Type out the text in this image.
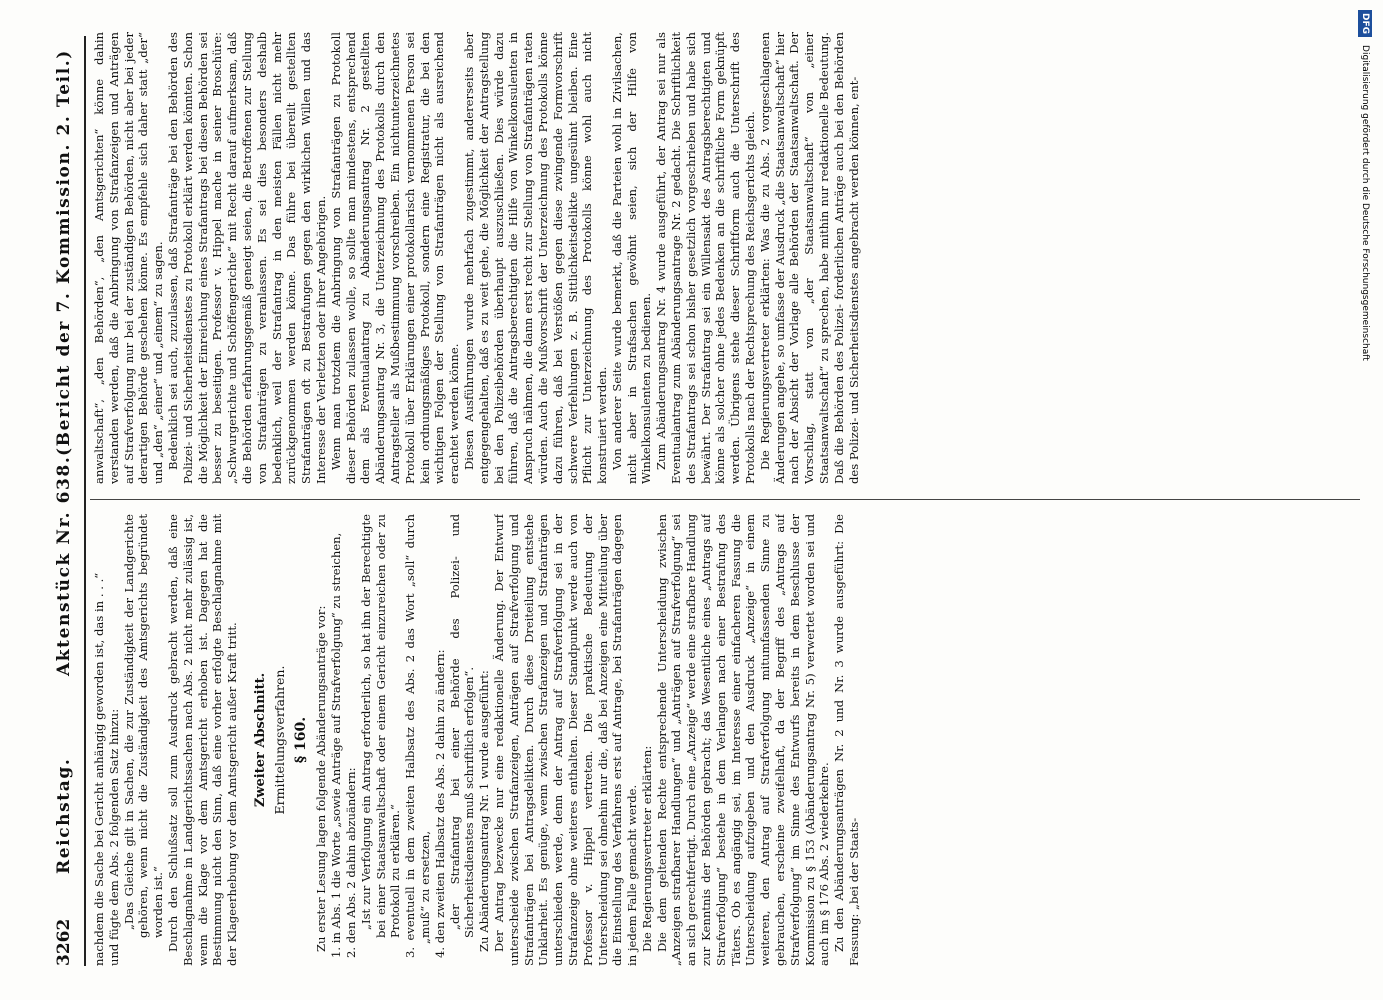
3262
Reichstag.
Aktenstück Nr. 638.
(Bericht der 7. Kommission. 2. Teil.)

nachdem die Sache bei Gericht anhängig geworden ist, das in . . .“ und fügte dem Abs. 2 folgenden Satz hinzu: „Das Gleiche gilt in Sachen, die zur Zuständigkeit der Landgerichte gehören, wenn nicht die Zuständigkeit des Amtsgerichts begründet worden ist.“ Durch den Schlußsatz soll zum Ausdruck gebracht werden, daß eine Beschlagnahme in Landgerichtssachen nach Abs. 2 nicht mehr zulässig ist, wenn die Klage vor dem Amtsgericht erhoben ist. Dagegen hat die Bestimmung nicht den Sinn, daß eine vorher erfolgte Beschlagnahme mit der Klageerhebung vor dem Amtsgericht außer Kraft tritt. Zweiter Abschnitt. Ermittelungsverfahren. § 160. Zu erster Lesung lagen folgende Abänderungsanträge vor: 1. in Abs. 1 die Worte „sowie Anträge auf Strafverfolgung“ zu streichen, 2. den Abs. 2 dahin abzuändern: „Ist zur Verfolgung ein Antrag erforderlich, so hat ihn der Berechtigte bei einer Staatsanwaltschaft oder einem Gericht einzureichen oder zu Protokoll zu erklären.“ 3. eventuell in dem zweiten Halbsatz des Abs. 2 das Wort „soll“ durch „muß“ zu ersetzen, 4. den zweiten Halbsatz des Abs. 2 dahin zu ändern: „der Strafantrag bei einer Behörde des Polizei- und Sicherheitsdienstes muß schriftlich erfolgen“. Zu Abänderungsantrag Nr. 1 wurde ausgeführt: Der Antrag bezwecke nur eine redaktionelle Änderung. Der Entwurf unterscheide zwischen Strafanzeigen, Anträgen auf Strafverfolgung und Strafanträgen bei Antragsdelikten. Durch diese Dreiteilung entstehe Unklarheit. Es genüge, wenn zwischen Strafanzeigen und Strafanträgen unterschieden werde, denn der Antrag auf Strafverfolgung sei in der Strafanzeige ohne weiteres enthalten. Dieser Standpunkt werde auch von Professor v. Hippel vertreten. Die praktische Bedeutung der Unterscheidung sei ohnehin nur die, daß bei Anzeigen eine Mitteilung über die Einstellung des Verfahrens erst auf Antrage, bei Strafanträgen dagegen in jedem Falle gemacht werde. Die Regierungsvertreter erklärten: Die dem geltenden Rechte entsprechende Unterscheidung zwischen „Anzeigen strafbarer Handlungen“ und „Anträgen auf Strafverfolgung“ sei an sich gerechtfertigt. Durch eine „Anzeige“ werde eine strafbare Handlung zur Kenntnis der Behörden gebracht; das Wesentliche eines „Antrags auf Strafverfolgung“ bestehe in dem Verlangen nach einer Bestrafung des Täters. Ob es angängig sei, im Interesse einer einfacheren Fassung die Unterscheidung aufzugeben und den Ausdruck „Anzeige“ in einem weiteren, den Antrag auf Strafverfolgung mitumfassenden Sinne zu gebrauchen, erscheine zweifelhaft, da der Begriff des „Antrags auf Strafverfolgung“ im Sinne des Entwurfs bereits in dem Beschlusse der Kommission zu § 153 (Abänderungsantrag Nr. 5) verwertet worden sei und auch im § 176 Abs. 2 wiederkehre. Zu den Abänderungsanträgen Nr. 2 und Nr. 3 wurde ausgeführt: Die Fassung: „bei der Staats-

anwaltschaft“, „den Behörden“, „den Amtsgerichten“ könne dahin verstanden werden, daß die Anbringung von Strafanzeigen und Anträgen auf Strafverfolgung nur bei der zuständigen Behörden, nicht aber bei jeder derartigen Behörde geschehen könne. Es empfehle sich daher statt „der“ und „den“ „einer“ und „einem“ zu sagen. Bedenklich sei auch, zuzulassen, daß Strafanträge bei den Behörden des Polizei- und Sicherheitsdienstes zu Protokoll erklärt werden könnten. Schon die Möglichkeit der Einreichung eines Strafantrags bei diesen Behörden sei besser zu beseitigen. Professor v. Hippel mache in seiner Broschüre: „Schwurgerichte und Schöffengerichte“ mit Recht darauf aufmerksam, daß die Behörden erfahrungsgemäß geneigt seien, die Betroffenen zur Stellung von Strafanträgen zu veranlassen. Es sei dies besonders deshalb bedenklich, weil der Strafantrag in den meisten Fällen nicht mehr zurückgenommen werden könne. Das führe bei übereilt gestellten Strafanträgen oft zu Bestrafungen gegen den wirklichen Willen und das Interesse der Verletzten oder ihrer Angehörigen. Wenn man trotzdem die Anbringung von Strafanträgen zu Protokoll dieser Behörden zulassen wolle, so sollte man mindestens, entsprechend dem als Eventualantrag zu Abänderungsantrag Nr. 2 gestellten Abänderungsantrag Nr. 3, die Unterzeichnung des Protokolls durch den Antragsteller als Mußbestimmung vorschreiben. Ein nichtunterzeichnetes Protokoll über Erklärungen einer protokollarisch vernommenen Person sei kein ordnungsmäßiges Protokoll, sondern eine Registratur, die bei den wichtigen Folgen der Stellung von Strafanträgen nicht als ausreichend erachtet werden könne. Diesen Ausführungen wurde mehrfach zugestimmt, andererseits aber entgegengehalten, daß es zu weit gehe, die Möglichkeit der Antragstellung bei den Polizeibehörden überhaupt auszuschließen. Dies würde dazu führen, daß die Antragsberechtigten die Hilfe von Winkelkonsulenten in Anspruch nähmen, die dann erst recht zur Stellung von Strafanträgen raten würden. Auch die Mußvorschrift der Unterzeichnung des Protokolls könne dazu führen, daß bei Verstößen gegen diese zwingende Formvorschrift schwere Verfehlungen z. B. Sittlichkeitsdelikte ungesühnt bleiben. Eine Pflicht zur Unterzeichnung des Protokolls könne wohl auch nicht konstruiert werden. Von anderer Seite wurde bemerkt, daß die Parteien wohl in Zivilsachen, nicht aber in Strafsachen gewöhnt seien, sich der Hilfe von Winkelkonsulenten zu bedienen. Zum Abänderungsantrag Nr. 4 wurde ausgeführt, der Antrag sei nur als Eventualantrag zum Abänderungsantrage Nr. 2 gedacht. Die Schriftlichkeit des Strafantrags sei schon bisher gesetzlich vorgeschrieben und habe sich bewährt. Der Strafantrag sei ein Willensakt des Antragsberechtigten und könne als solcher ohne jedes Bedenken an die schriftliche Form geknüpft werden. Übrigens stehe dieser Schriftform auch die Unterschrift des Protokolls nach der Rechtsprechung des Reichsgerichts gleich. Die Regierungsvertreter erklärten: Was die zu Abs. 2 vorgeschlagenen Änderungen angehe, so umfasse der Ausdruck „die Staatsanwaltschaft“ hier nach der Absicht der Vorlage alle Behörden der Staatsanwaltschaft. Der Vorschlag, statt von „der Staatsanwaltschaft“ von „einer Staatsanwaltschaft“ zu sprechen, habe mithin nur redaktionelle Bedeutung. Daß die Behörden des Polizei- forderlichen Anträge auch bei den Behörden des Polizei- und Sicherheitsdienstes angebracht werden können, ent-

DFGDigitalisierung gefördert durch die Deutsche Forschungsgemeinschaft
